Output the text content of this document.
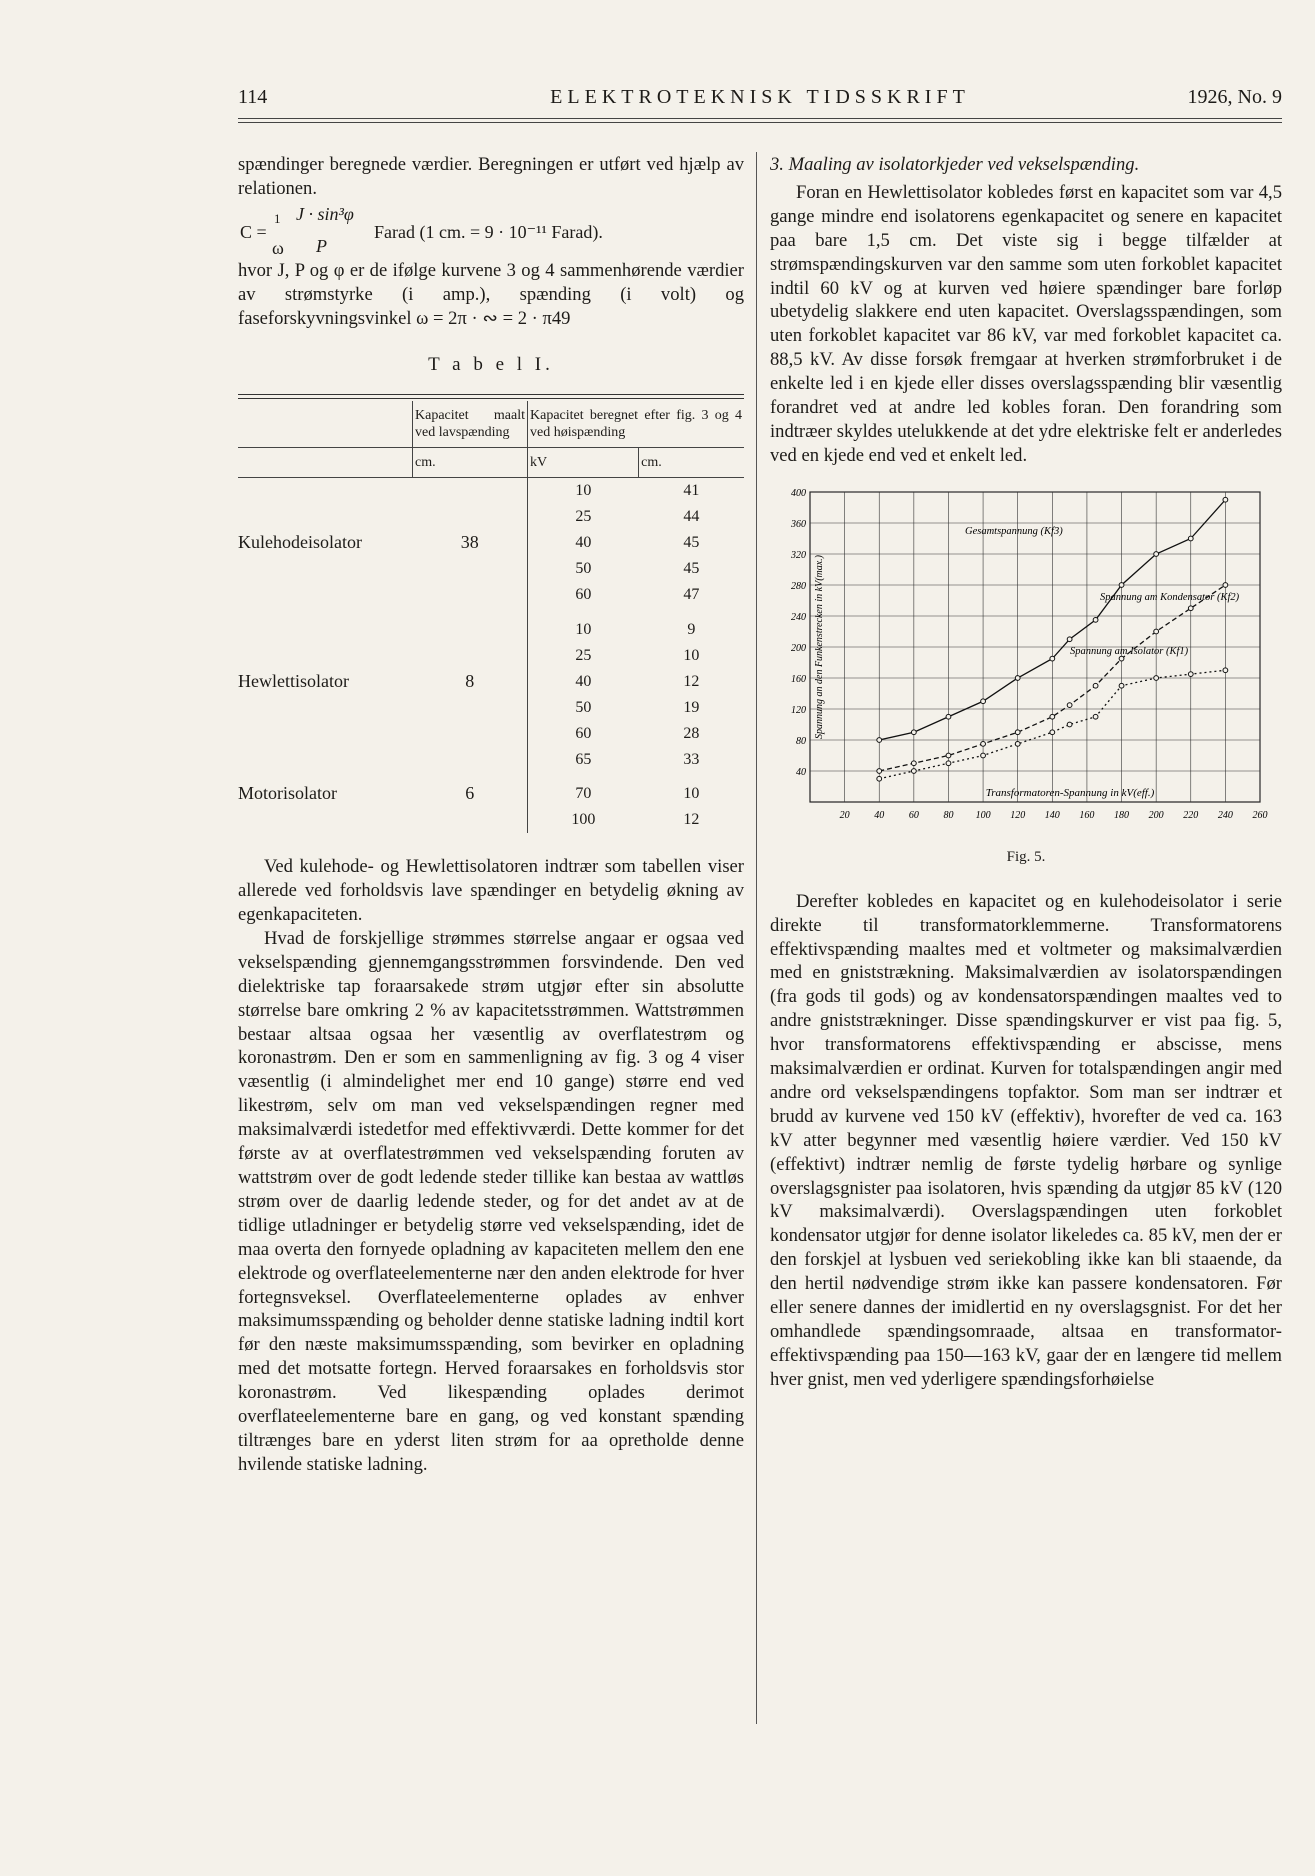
ELEKTROTEKNISK TIDSSKRIFT
114	1926, No. 9

spændinger beregnede værdier. Beregningen er utført ved hjælp av relationen.

C =
1
ω
J · sin³φ
P
Farad (1 cm. = 9 · 10⁻¹¹ Farad).

hvor J, P og φ er de ifølge kurvene 3 og 4 sammenhørende værdier av strømstyrke (i amp.), spænding (i volt) og faseforskyvningsvinkel ω = 2π · ∾ = 2 · π49

T a b e l I.
	Kapacitet maalt ved lavspænding	Kapacitet beregnet efter fig. 3 og 4 ved høispænding	
	cm.	kV	cm.
		10	41
		25	44
Kulehodeisolator	38	40	45
		50	45
		60	47
		10	9
		25	10
Hewlettisolator	8	40	12
		50	19
		60	28
		65	33
Motorisolator	6	70	10
		100	12

Ved kulehode- og Hewlettisolatoren indtrær som tabellen viser allerede ved forholdsvis lave spændinger en betydelig økning av egenkapaciteten.

Hvad de forskjellige strømmes størrelse angaar er ogsaa ved vekselspænding gjennemgangsstrømmen forsvindende. Den ved dielektriske tap foraarsakede strøm utgjør efter sin absolutte størrelse bare omkring 2 % av kapacitetsstrømmen. Wattstrømmen bestaar altsaa ogsaa her væsentlig av overflatestrøm og koronastrøm. Den er som en sammenligning av fig. 3 og 4 viser væsentlig (i almindelighet mer end 10 gange) større end ved likestrøm, selv om man ved vekselspændingen regner med maksimalværdi istedetfor med effektivværdi. Dette kommer for det første av at overflatestrømmen ved vekselspænding foruten av wattstrøm over de godt ledende steder tillike kan bestaa av wattløs strøm over de daarlig ledende steder, og for det andet av at de tidlige utladninger er betydelig større ved vekselspænding, idet de maa overta den fornyede opladning av kapaciteten mellem den ene elektrode og overflateelementerne nær den anden elektrode for hver fortegnsveksel. Overflateelementerne oplades av enhver maksimumsspænding og beholder denne statiske ladning indtil kort før den næste maksimumsspænding, som bevirker en opladning med det motsatte fortegn. Herved foraarsakes en forholdsvis stor koronastrøm. Ved likespænding oplades derimot overflateelementerne bare en gang, og ved konstant spænding tiltrænges bare en yderst liten strøm for aa opretholde denne hvilende statiske ladning.

3. Maaling av isolatorkjeder ved vekselspænding.

Foran en Hewlettisolator kobledes først en kapacitet som var 4,5 gange mindre end isolatorens egenkapacitet og senere en kapacitet paa bare 1,5 cm. Det viste sig i begge tilfælder at strømspændingskurven var den samme som uten forkoblet kapacitet indtil 60 kV og at kurven ved høiere spændinger bare forløp ubetydelig slakkere end uten kapacitet. Overslagsspændingen, som uten forkoblet kapacitet var 86 kV, var med forkoblet kapacitet ca. 88,5 kV. Av disse forsøk fremgaar at hverken strømforbruket i de enkelte led i en kjede eller disses overslagsspænding blir væsentlig forandret ved at andre led kobles foran. Den forandring som indtræer skyldes utelukkende at det ydre elektriske felt er anderledes ved en kjede end ved et enkelt led.

20 40 60 80 100 120 140 160 180 200 220 240 260
40
80
120
160
200
240
280
320
360
400
Gesamtspannung (Kf3)
Spannung am Kondensator (Kf2)
Spannung am Isolator (Kf1)
Transformatoren-Spannung in kV(eff.)
Spannung an den Funkenstrecken in kV(max.)
Fig. 5.

Derefter kobledes en kapacitet og en kulehodeisolator i serie direkte til transformatorklemmerne. Transformatorens effektivspænding maaltes med et voltmeter og maksimalværdien med en gniststrækning. Maksimalværdien av isolatorspændingen (fra gods til gods) og av kondensatorspændingen maaltes ved to andre gniststrækninger. Disse spændingskurver er vist paa fig. 5, hvor transformatorens effektivspænding er abscisse, mens maksimalværdien er ordinat. Kurven for totalspændingen angir med andre ord vekselspændingens topfaktor. Som man ser indtrær et brudd av kurvene ved 150 kV (effektiv), hvorefter de ved ca. 163 kV atter begynner med væsentlig høiere værdier. Ved 150 kV (effektivt) indtrær nemlig de første tydelig hørbare og synlige overslagsgnister paa isolatoren, hvis spænding da utgjør 85 kV (120 kV maksimalværdi). Overslagspændingen uten forkoblet kondensator utgjør for denne isolator likeledes ca. 85 kV, men der er den forskjel at lysbuen ved seriekobling ikke kan bli staaende, da den hertil nødvendige strøm ikke kan passere kondensatoren. Før eller senere dannes der imidlertid en ny overslagsgnist. For det her omhandlede spændingsomraade, altsaa en transformator-effektivspænding paa 150—163 kV, gaar der en længere tid mellem hver gnist, men ved yderligere spændingsforhøielse
